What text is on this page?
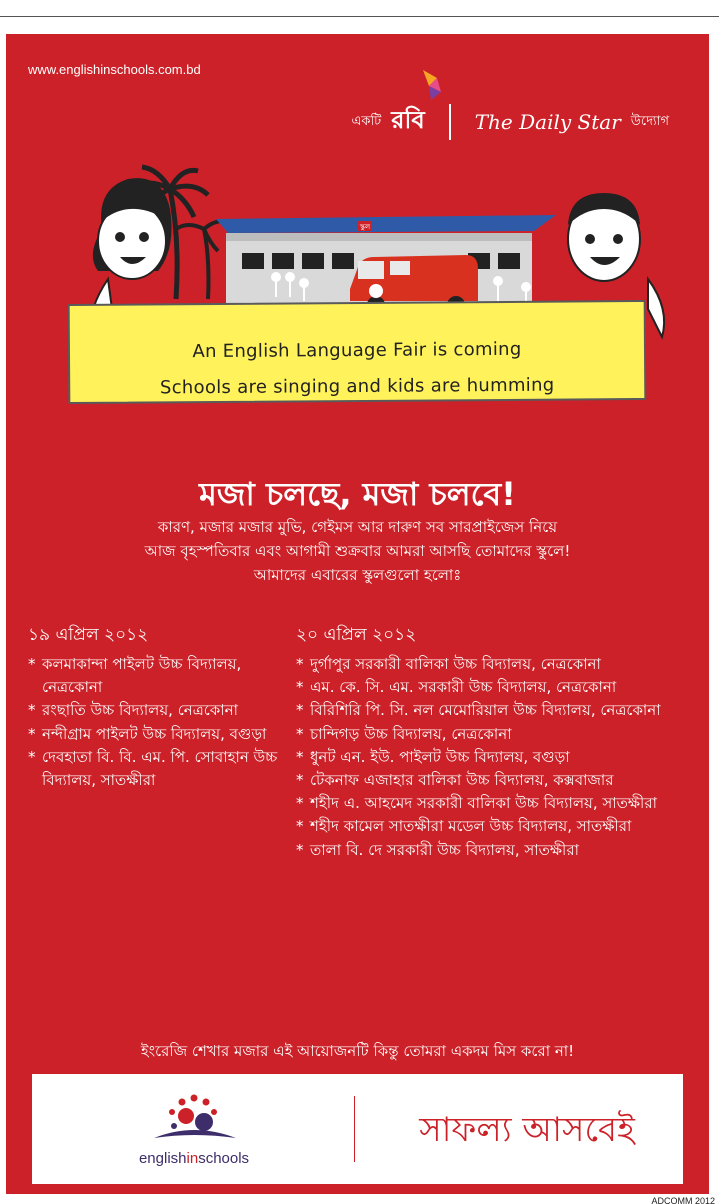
www.englishinschools.com.bd
একটি রবি	The Daily Star উদ্যোগ
স্কুল
An English Language Fair is coming
Schools are singing and kids are humming
মজা চলছে, মজা চলবে!
কারণ, মজার মজার মুভি, গেইমস আর দারুণ সব সারপ্রাইজেস নিয়ে
আজ বৃহস্পতিবার এবং আগামী শুক্রবার আমরা আসছি তোমাদের স্কুলে!
আমাদের এবারের স্কুলগুলো হলোঃ
১৯ এপ্রিল ২০১২
* কলমাকান্দা পাইলট উচ্চ বিদ্যালয়, নেত্রকোনা
* রংছাতি উচ্চ বিদ্যালয়, নেত্রকোনা
* নন্দীগ্রাম পাইলট উচ্চ বিদ্যালয়, বগুড়া
* দেবহাতা বি. বি. এম. পি. সোবাহান উচ্চ বিদ্যালয়, সাতক্ষীরা
২০ এপ্রিল ২০১২
* দুর্গাপুর সরকারী বালিকা উচ্চ বিদ্যালয়, নেত্রকোনা
* এম. কে. সি. এম. সরকারী উচ্চ বিদ্যালয়, নেত্রকোনা
* বিরিশিরি পি. সি. নল মেমোরিয়াল উচ্চ বিদ্যালয়, নেত্রকোনা
* চান্দিগড় উচ্চ বিদ্যালয়, নেত্রকোনা
* ধুনট এন. ইউ. পাইলট উচ্চ বিদ্যালয়, বগুড়া
* টেকনাফ এজাহার বালিকা উচ্চ বিদ্যালয়, কক্সবাজার
* শহীদ এ. আহমেদ সরকারী বালিকা উচ্চ বিদ্যালয়, সাতক্ষীরা
* শহীদ কামেল সাতক্ষীরা মডেল উচ্চ বিদ্যালয়, সাতক্ষীরা
* তালা বি. দে সরকারী উচ্চ বিদ্যালয়, সাতক্ষীরা
ইংরেজি শেখার মজার এই আয়োজনটি কিন্তু তোমরা একদম মিস করো না!
englishinschools
সাফল্য আসবেই
ADCOMM 2012
